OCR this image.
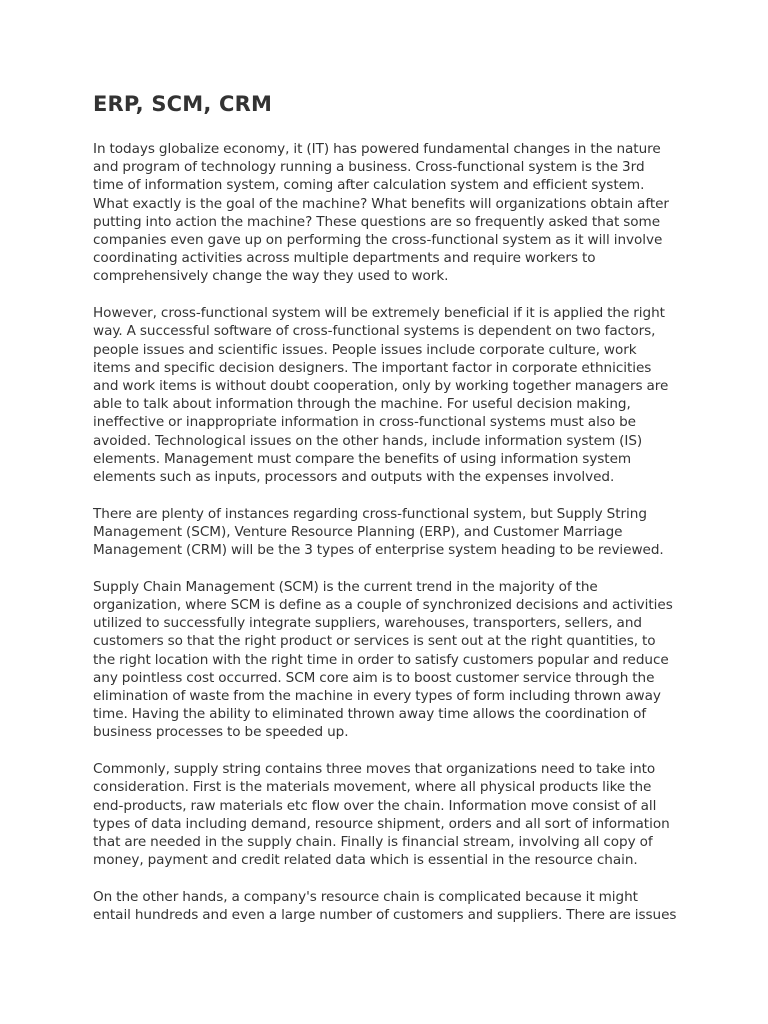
ERP, SCM, CRM

In todays globalize economy, it (IT) has powered fundamental changes in the nature and program of technology running a business. Cross-functional system is the 3rd time of information system, coming after calculation system and efficient system. What exactly is the goal of the machine? What benefits will organizations obtain after putting into action the machine? These questions are so frequently asked that some companies even gave up on performing the cross-functional system as it will involve coordinating activities across multiple departments and require workers to comprehensively change the way they used to work.

However, cross-functional system will be extremely beneficial if it is applied the right way. A successful software of cross-functional systems is dependent on two factors, people issues and scientific issues. People issues include corporate culture, work items and specific decision designers. The important factor in corporate ethnicities and work items is without doubt cooperation, only by working together managers are able to talk about information through the machine. For useful decision making, ineffective or inappropriate information in cross-functional systems must also be avoided. Technological issues on the other hands, include information system (IS) elements. Management must compare the benefits of using information system elements such as inputs, processors and outputs with the expenses involved.

There are plenty of instances regarding cross-functional system, but Supply String Management (SCM), Venture Resource Planning (ERP), and Customer Marriage Management (CRM) will be the 3 types of enterprise system heading to be reviewed.

Supply Chain Management (SCM) is the current trend in the majority of the organization, where SCM is define as a couple of synchronized decisions and activities utilized to successfully integrate suppliers, warehouses, transporters, sellers, and customers so that the right product or services is sent out at the right quantities, to the right location with the right time in order to satisfy customers popular and reduce any pointless cost occurred. SCM core aim is to boost customer service through the elimination of waste from the machine in every types of form including thrown away time. Having the ability to eliminated thrown away time allows the coordination of business processes to be speeded up.

Commonly, supply string contains three moves that organizations need to take into consideration. First is the materials movement, where all physical products like the end-products, raw materials etc flow over the chain. Information move consist of all types of data including demand, resource shipment, orders and all sort of information that are needed in the supply chain. Finally is financial stream, involving all copy of money, payment and credit related data which is essential in the resource chain.

On the other hands, a company's resource chain is complicated because it might entail hundreds and even a large number of customers and suppliers. There are issues
